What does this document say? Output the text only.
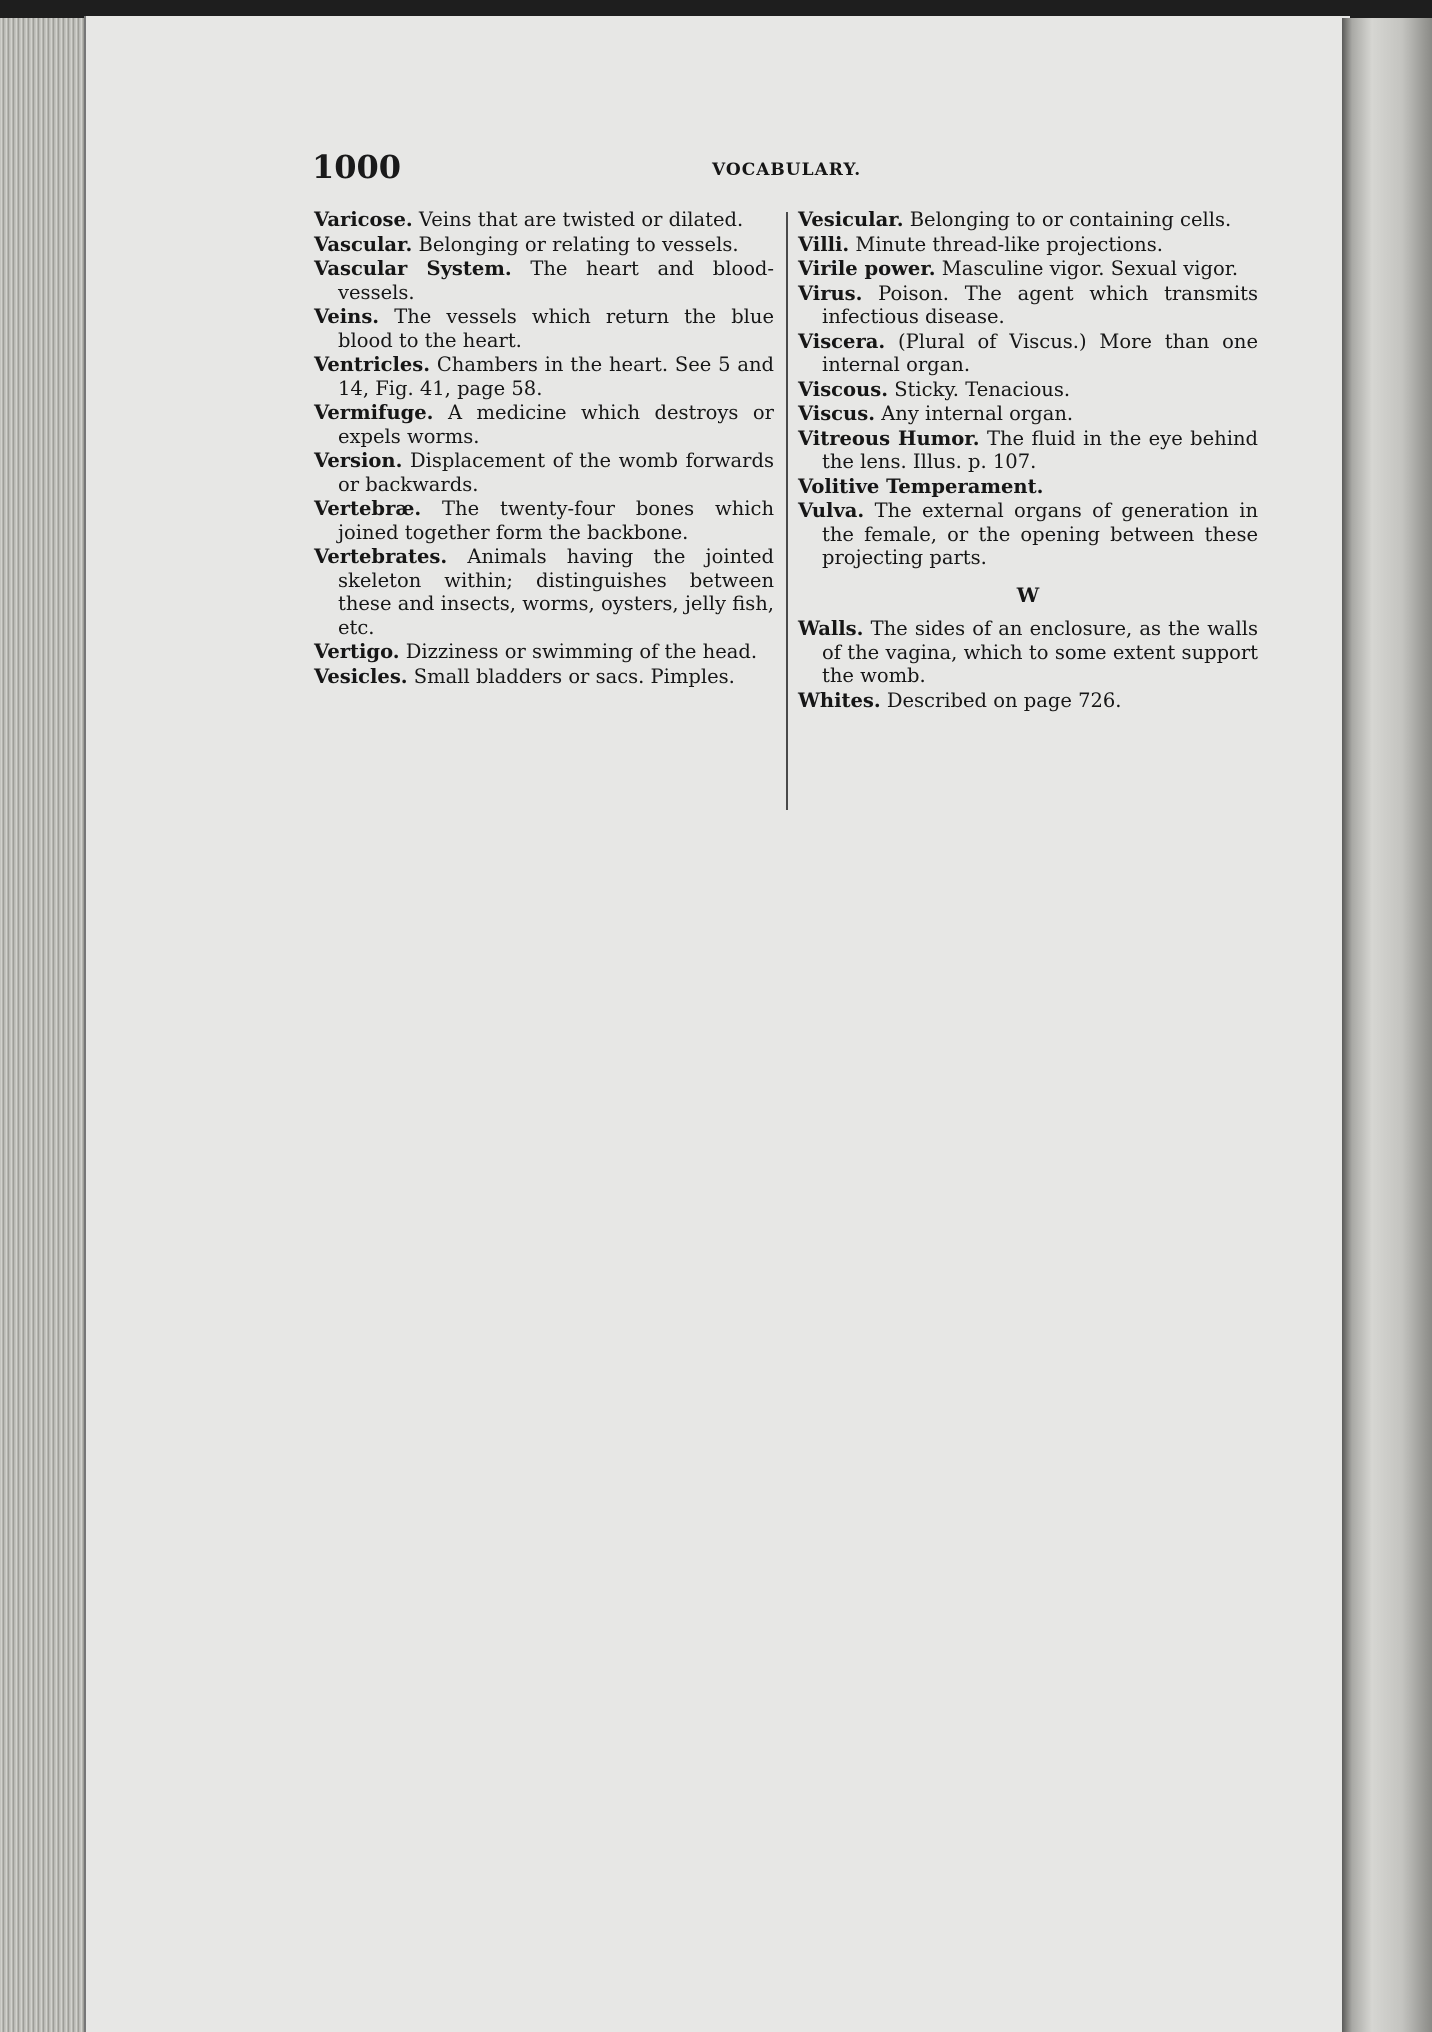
1000	VOCABULARY.

Varicose. Veins that are twisted or dilated.

Vascular. Belonging or relating to vessels.

Vascular System. The heart and blood-vessels.

Veins. The vessels which return the blue blood to the heart.

Ventricles. Chambers in the heart. See 5 and 14, Fig. 41, page 58.

Vermifuge. A medicine which destroys or expels worms.

Version. Displacement of the womb forwards or backwards.

Vertebræ. The twenty-four bones which joined together form the backbone.

Vertebrates. Animals having the jointed skeleton within; distinguishes between these and insects, worms, oysters, jelly fish, etc.

Vertigo. Dizziness or swimming of the head.

Vesicles. Small bladders or sacs. Pimples.

Vesicular. Belonging to or containing cells.

Villi. Minute thread-like projections.

Virile power. Masculine vigor. Sexual vigor.

Virus. Poison. The agent which transmits infectious disease.

Viscera. (Plural of Viscus.) More than one internal organ.

Viscous. Sticky. Tenacious.

Viscus. Any internal organ.

Vitreous Humor. The fluid in the eye behind the lens. Illus. p. 107.

Volitive Temperament.

Vulva. The external organs of generation in the female, or the opening between these projecting parts.

W

Walls. The sides of an enclosure, as the walls of the vagina, which to some extent support the womb.

Whites. Described on page 726.
